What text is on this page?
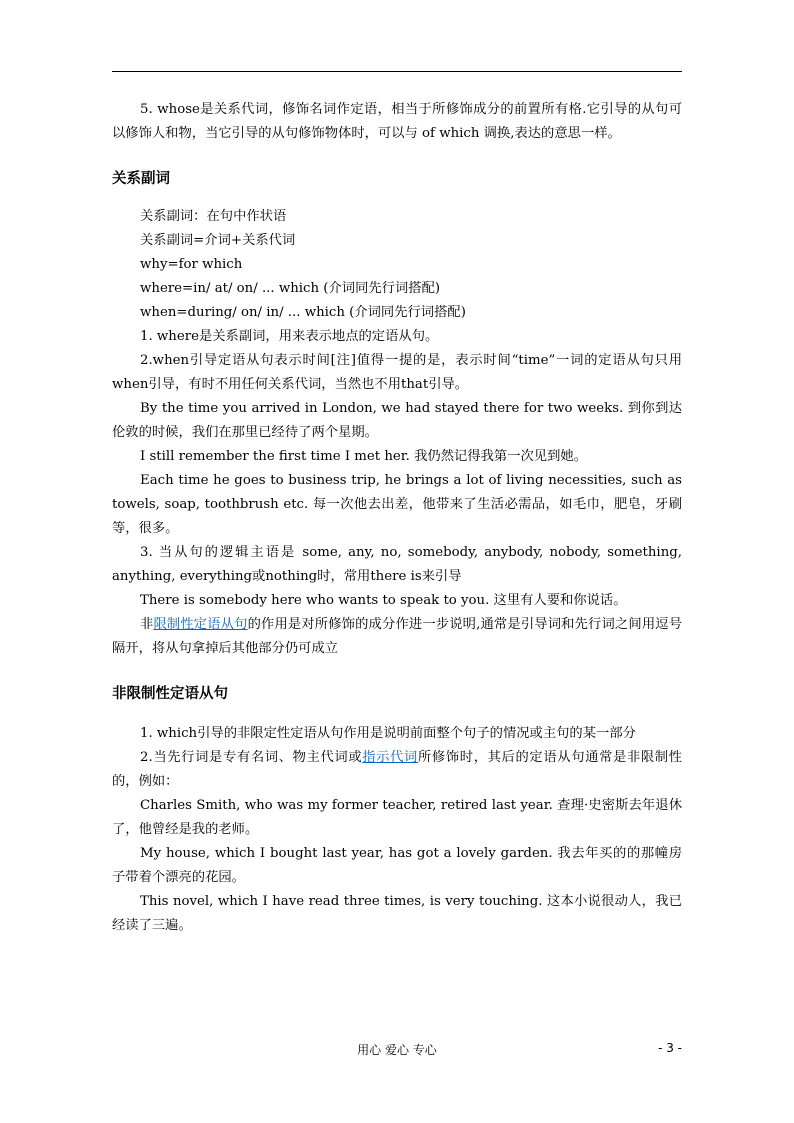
5. whose是关系代词，修饰名词作定语，相当于所修饰成分的前置所有格.它引导的从句可以修饰人和物，当它引导的从句修饰物体时，可以与 of which 调换,表达的意思一样。

关系副词

关系副词：在句中作状语

关系副词=介词+关系代词

why=for which

where=in/ at/ on/ ... which (介词同先行词搭配)

when=during/ on/ in/ ... which (介词同先行词搭配)

1. where是关系副词，用来表示地点的定语从句。

2.when引导定语从句表示时间[注]值得一提的是，表示时间“time”一词的定语从句只用when引导，有时不用任何关系代词，当然也不用that引导。

By the time you arrived in London, we had stayed there for two weeks. 到你到达伦敦的时候，我们在那里已经待了两个星期。

I still remember the first time I met her. 我仍然记得我第一次见到她。

Each time he goes to business trip, he brings a lot of living necessities, such as towels, soap, toothbrush etc. 每一次他去出差，他带来了生活必需品，如毛巾，肥皂，牙刷等，很多。

3. 当从句的逻辑主语是 some, any, no, somebody, anybody, nobody, something, anything, everything或nothing时，常用there is来引导

There is somebody here who wants to speak to you. 这里有人要和你说话。

非限制性定语从句的作用是对所修饰的成分作进一步说明,通常是引导词和先行词之间用逗号隔开，将从句拿掉后其他部分仍可成立

非限制性定语从句

1. which引导的非限定性定语从句作用是说明前面整个句子的情况或主句的某一部分

2.当先行词是专有名词、物主代词或指示代词所修饰时，其后的定语从句通常是非限制性的，例如：

Charles Smith, who was my former teacher, retired last year. 查理·史密斯去年退休了，他曾经是我的老师。

My house, which I bought last year, has got a lovely garden. 我去年买的的那幢房子带着个漂亮的花园。

This novel, which I have read three times, is very touching. 这本小说很动人，我已经读了三遍。

用心 爱心 专心	- 3 -
